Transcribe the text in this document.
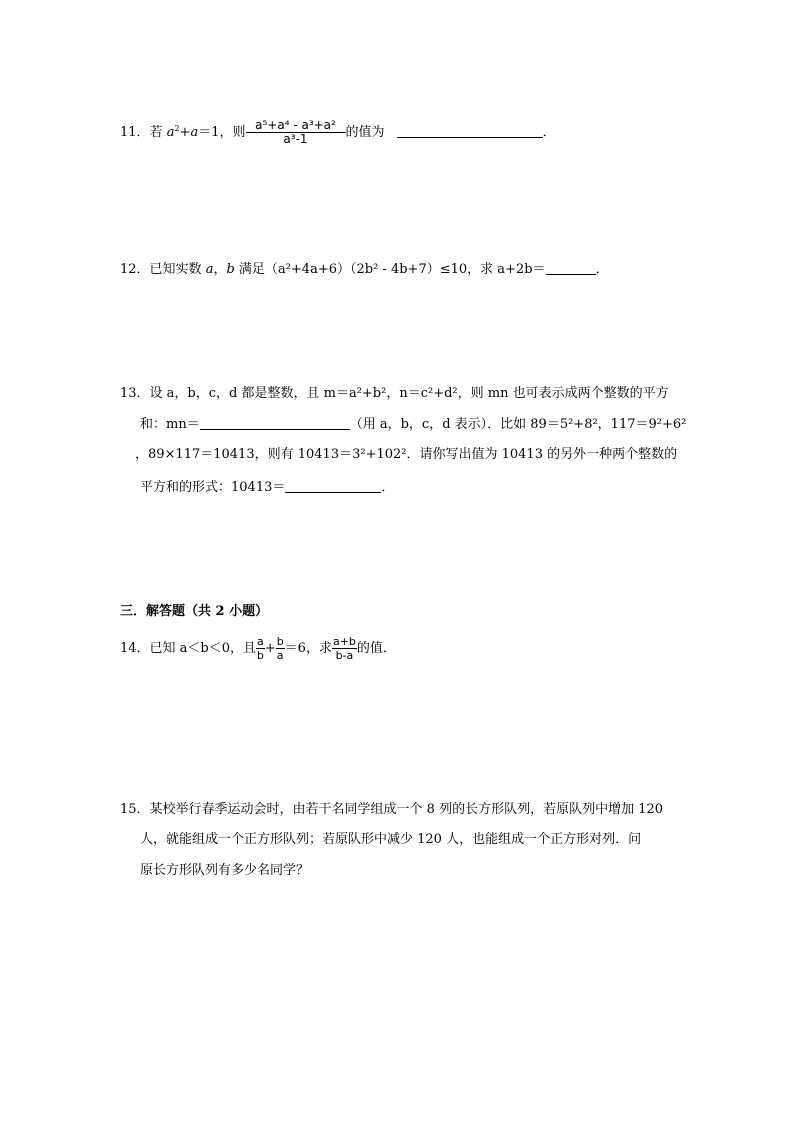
11．若 $a^2+a=1$，则 $\frac{\text{a⁵+a⁴ - a³+a²}}{\text{a³-1}}$ 的值为	．
12．已知实数 a，b 满足（a²+4a+6）（2b² - 4b+7）≤10，求 a+2b＝	．
13．设 a，b，c，d 都是整数，且 m＝a²+b²，n＝c²+d²，则 mn 也可表示成两个整数的平方
和：mn＝	（用 a，b，c，d 表示）．比如 89＝5²+8²，117＝9²+6²
，89×117＝10413，则有 10413＝3²+102²．请你写出值为 10413 的另外一种两个整数的
平方和的形式：10413＝	．
三．解答题（共 2 小题）
14．已知 a＜b＜0，且 $\frac{a}{b} + \frac{b}{a} =6$，求 $\frac{a+b}{b-a}$ 的值．
15．某校举行春季运动会时，由若干名同学组成一个 8 列的长方形队列，若原队列中增加 120
人，就能组成一个正方形队列；若原队形中减少 120 人，也能组成一个正方形对列．问
原长方形队列有多少名同学？
